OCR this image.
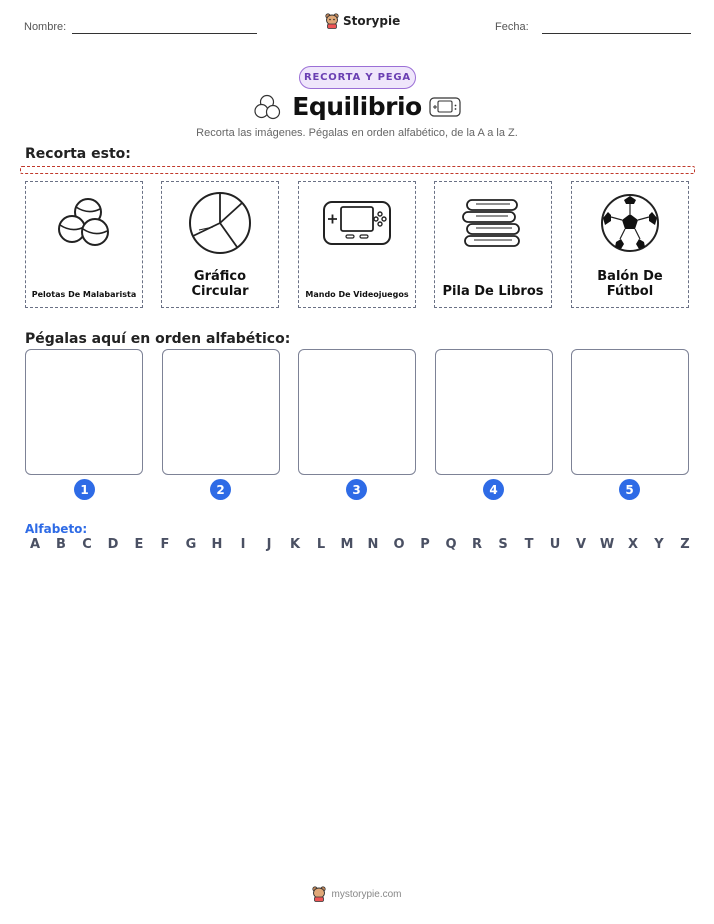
Nombre:	Storypie	Fecha:
RECORTA Y PEGA
Equilibrio
Recorta las imágenes. Pégalas en orden alfabético, de la A a la Z.
Recorta esto:
Pelotas De Malabarista
Gráfico Circular	Mando De Videojuegos	Pila De Libros
Balón De Fútbol
Pégalas aquí en orden alfabético:
1	2	3	4	5
Alfabeto:
A	B	C	D	E	F	G	H	I	J	K	L	M	N	O	P	Q	R	S	T	U	V	W	X	Y	Z
mystorypie.com
